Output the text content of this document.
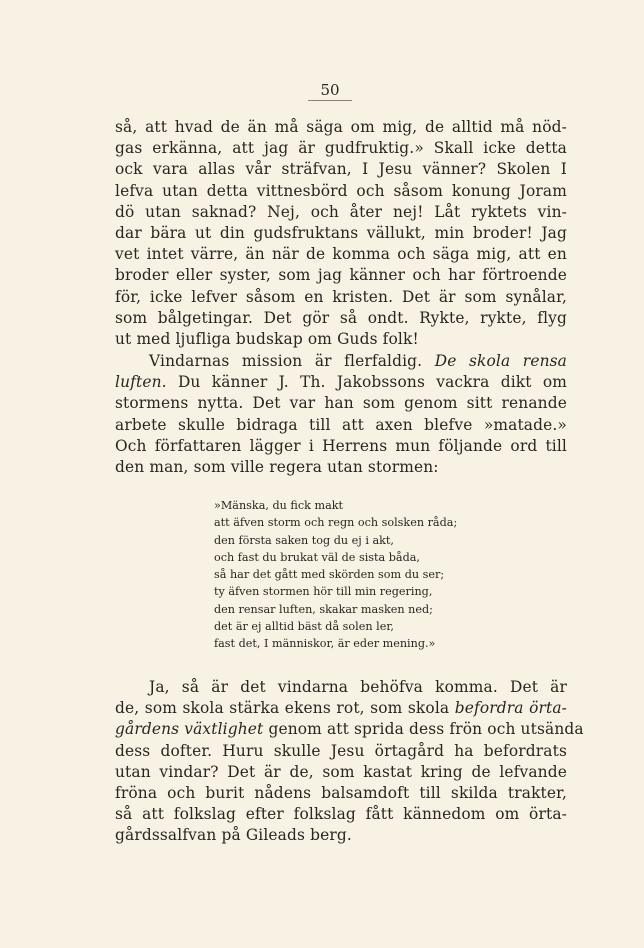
50
så, att hvad de än må säga om mig, de alltid må nöd-
gas erkänna, att jag är gudfruktig.» Skall icke detta
ock vara allas vår sträfvan, I Jesu vänner? Skolen I
lefva utan detta vittnesbörd och såsom konung Joram
dö utan saknad? Nej, och åter nej! Låt ryktets vin-
dar bära ut din gudsfruktans vällukt, min broder! Jag
vet intet värre, än när de komma och säga mig, att en
broder eller syster, som jag känner och har förtroende
för, icke lefver såsom en kristen. Det är som synålar,
som bålgetingar. Det gör så ondt. Rykte, rykte, flyg
ut med ljufliga budskap om Guds folk!
Vindarnas mission är flerfaldig. De skola rensa
luften. Du känner J. Th. Jakobssons vackra dikt om
stormens nytta. Det var han som genom sitt renande
arbete skulle bidraga till att axen blefve »matade.»
Och författaren lägger i Herrens mun följande ord till
den man, som ville regera utan stormen:
»Mänska, du fick makt
att äfven storm och regn och solsken råda;
den första saken tog du ej i akt,
och fast du brukat väl de sista båda,
så har det gått med skörden som du ser;
ty äfven stormen hör till min regering,
den rensar luften, skakar masken ned;
det är ej alltid bäst då solen ler,
fast det, I människor, är eder mening.»
Ja, så är det vindarna behöfva komma. Det är
de, som skola stärka ekens rot, som skola befordra örta-
gårdens växtlighet genom att sprida dess frön och utsända
dess dofter. Huru skulle Jesu örtagård ha befordrats
utan vindar? Det är de, som kastat kring de lefvande
fröna och burit nådens balsamdoft till skilda trakter,
så att folkslag efter folkslag fått kännedom om örta-
gårdssalfvan på Gileads berg.
